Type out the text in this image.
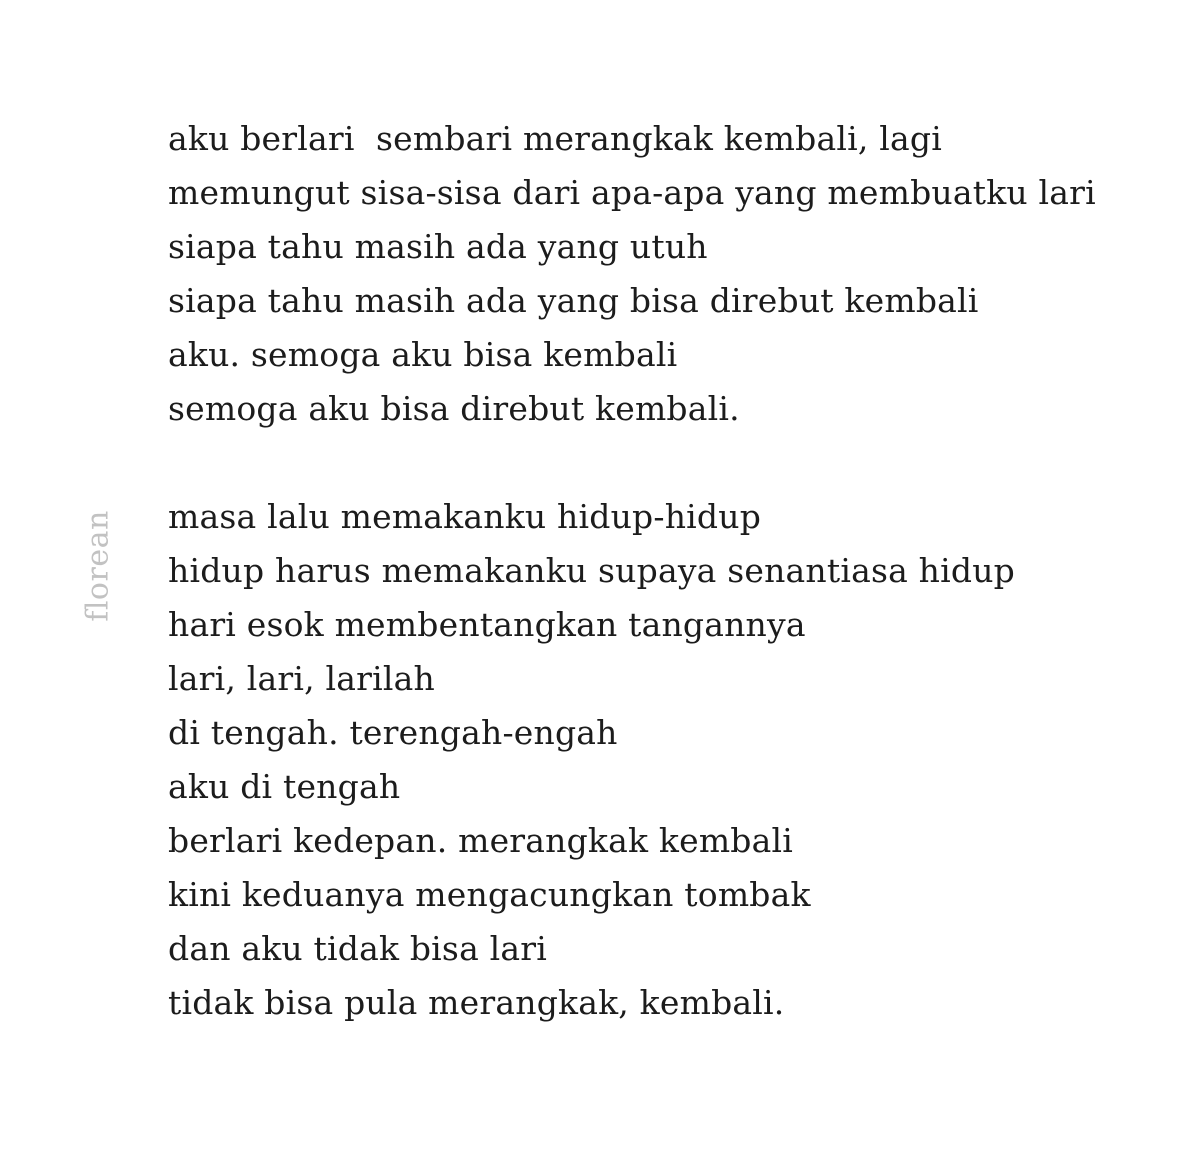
florean
aku berlari  sembari merangkak kembali, lagi
memungut sisa-sisa dari apa-apa yang membuatku lari
siapa tahu masih ada yang utuh
siapa tahu masih ada yang bisa direbut kembali
aku. semoga aku bisa kembali
semoga aku bisa direbut kembali.
masa lalu memakanku hidup-hidup
hidup harus memakanku supaya senantiasa hidup
hari esok membentangkan tangannya
lari, lari, larilah
di tengah. terengah-engah
aku di tengah
berlari kedepan. merangkak kembali
kini keduanya mengacungkan tombak
dan aku tidak bisa lari
tidak bisa pula merangkak, kembali.
